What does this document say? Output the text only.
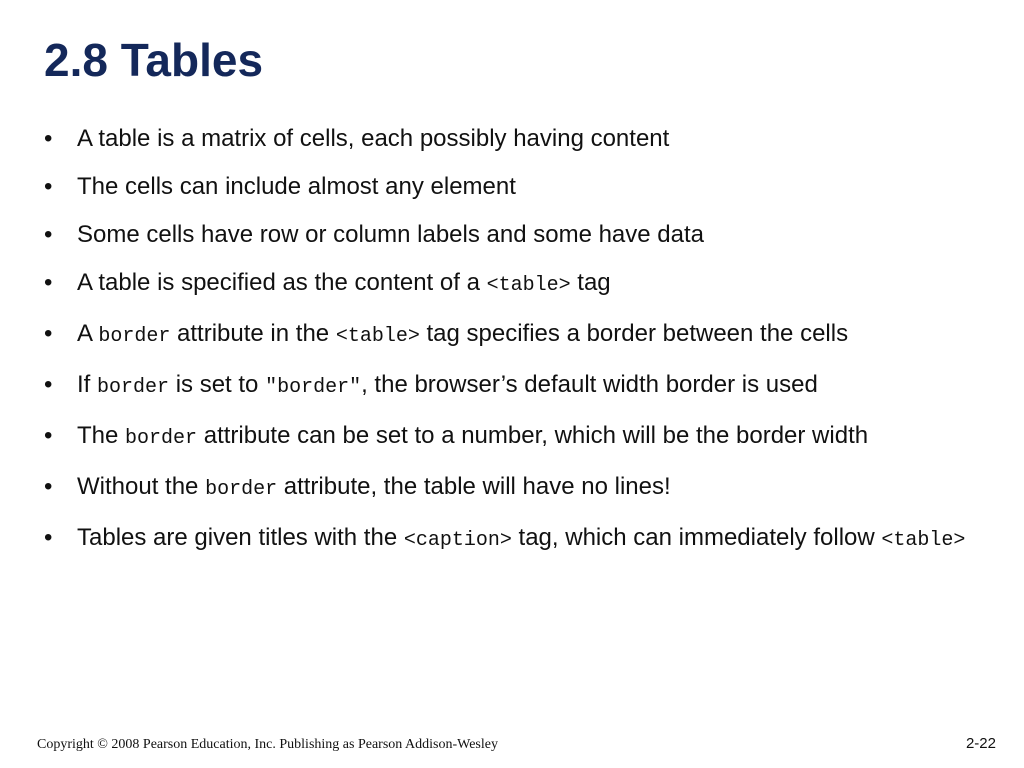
2.8 Tables
•	A table is a matrix of cells, each possibly having content
•	The cells can include almost any element
•	Some cells have row or column labels and some have data
•	A table is specified as the content of a <table> tag
•	A border attribute in the <table> tag specifies a border between the cells
•	If border is set to "border", the browser’s default width border is used
•	The border attribute can be set to a number, which will be the border width
•	Without the border attribute, the table will have no lines!
•	Tables are given titles with the <caption> tag, which can immediately follow <table>
Copyright © 2008 Pearson Education, Inc. Publishing as Pearson Addison-Wesley	2-22
